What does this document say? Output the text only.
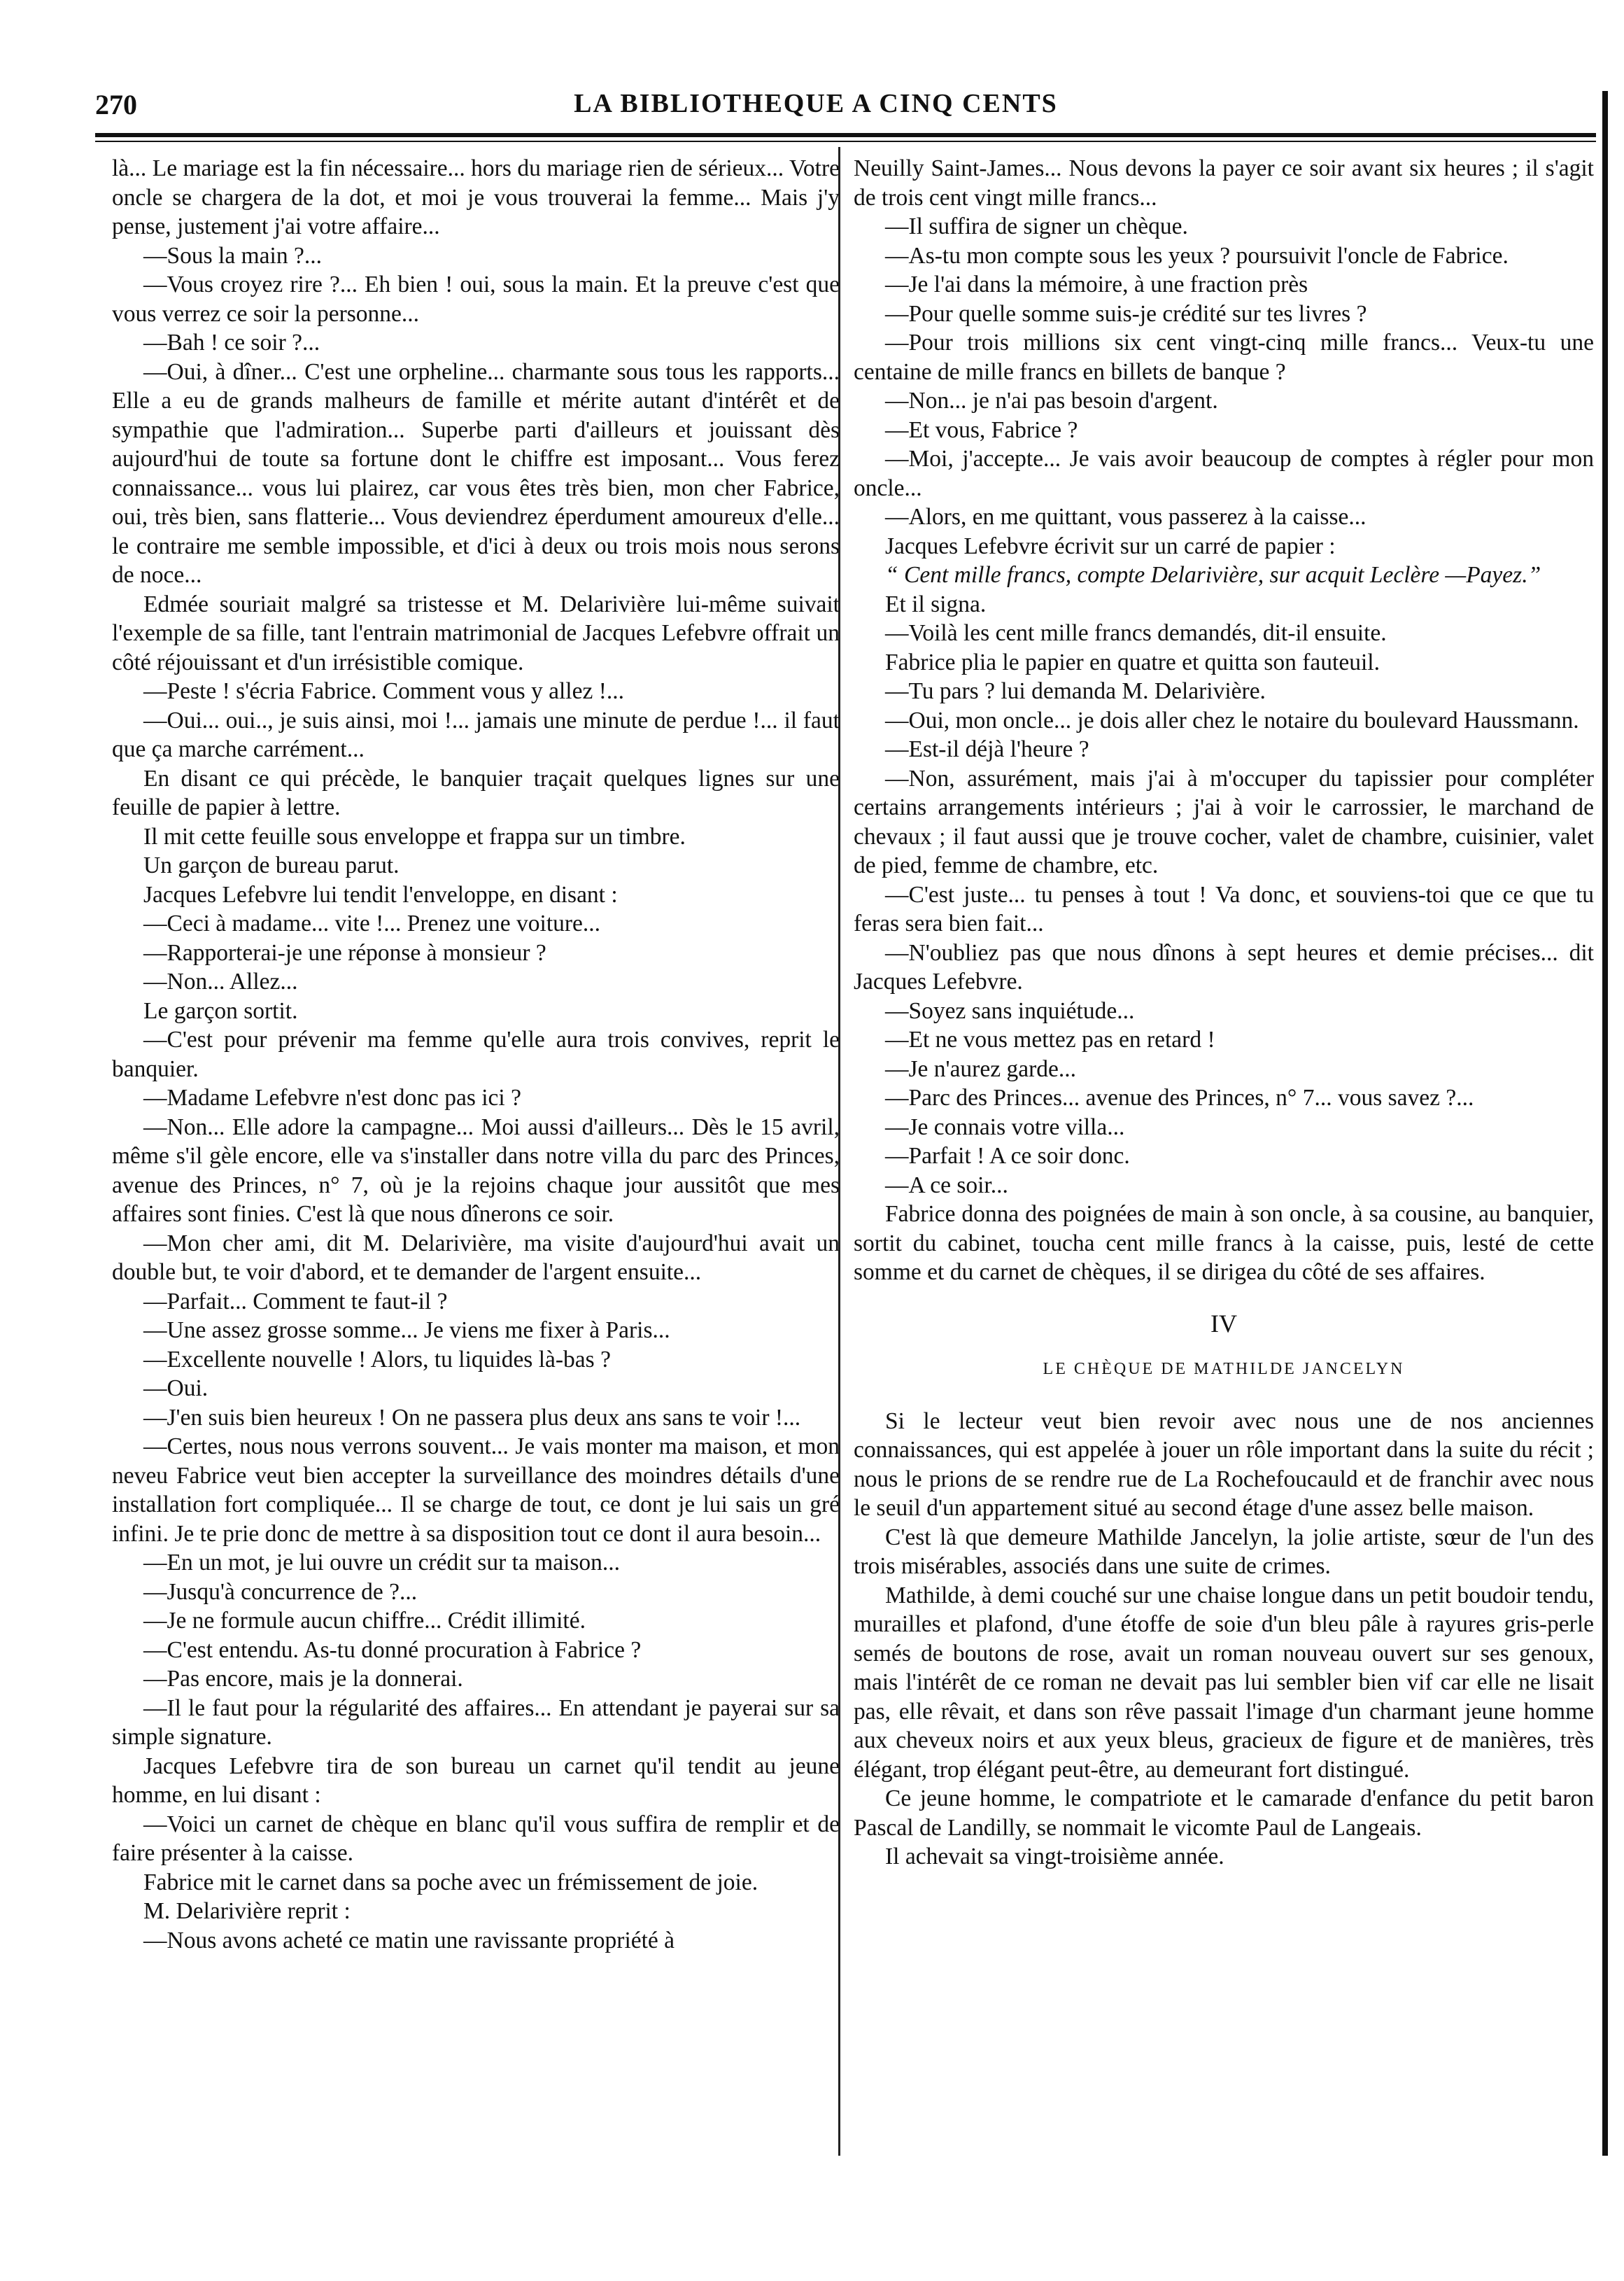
270	LA BIBLIOTHEQUE A CINQ CENTS

là... Le mariage est la fin nécessaire... hors du mariage rien de sérieux... Votre oncle se chargera de la dot, et moi je vous trouverai la femme... Mais j'y pense, justement j'ai votre affaire...

—Sous la main ?...

—Vous croyez rire ?... Eh bien ! oui, sous la main. Et la preuve c'est que vous verrez ce soir la personne...

—Bah ! ce soir ?...

—Oui, à dîner... C'est une orpheline... charmante sous tous les rapports... Elle a eu de grands malheurs de famille et mérite autant d'intérêt et de sympathie que l'admiration... Superbe parti d'ailleurs et jouissant dès aujourd'hui de toute sa fortune dont le chiffre est imposant... Vous ferez connaissance... vous lui plairez, car vous êtes très bien, mon cher Fabrice, oui, très bien, sans flatterie... Vous deviendrez éperdument amoureux d'elle... le contraire me semble impossible, et d'ici à deux ou trois mois nous serons de noce...

Edmée souriait malgré sa tristesse et M. Delarivière lui-même suivait l'exemple de sa fille, tant l'entrain matrimonial de Jacques Lefebvre offrait un côté réjouissant et d'un irrésistible comique.

—Peste ! s'écria Fabrice. Comment vous y allez !...

—Oui... oui.., je suis ainsi, moi !... jamais une minute de perdue !... il faut que ça marche carrément...

En disant ce qui précède, le banquier traçait quelques lignes sur une feuille de papier à lettre.

Il mit cette feuille sous enveloppe et frappa sur un timbre.

Un garçon de bureau parut.

Jacques Lefebvre lui tendit l'enveloppe, en disant :

—Ceci à madame... vite !... Prenez une voiture...

—Rapporterai-je une réponse à monsieur ?

—Non... Allez...

Le garçon sortit.

—C'est pour prévenir ma femme qu'elle aura trois convives, reprit le banquier.

—Madame Lefebvre n'est donc pas ici ?

—Non... Elle adore la campagne... Moi aussi d'ailleurs... Dès le 15 avril, même s'il gèle encore, elle va s'installer dans notre villa du parc des Princes, avenue des Princes, n° 7, où je la rejoins chaque jour aussitôt que mes affaires sont finies. C'est là que nous dînerons ce soir.

—Mon cher ami, dit M. Delarivière, ma visite d'aujourd'hui avait un double but, te voir d'abord, et te demander de l'argent ensuite...

—Parfait... Comment te faut-il ?

—Une assez grosse somme... Je viens me fixer à Paris...

—Excellente nouvelle ! Alors, tu liquides là-bas ?

—Oui.

—J'en suis bien heureux ! On ne passera plus deux ans sans te voir !...

—Certes, nous nous verrons souvent... Je vais monter ma maison, et mon neveu Fabrice veut bien accepter la surveillance des moindres détails d'une installation fort compliquée... Il se charge de tout, ce dont je lui sais un gré infini. Je te prie donc de mettre à sa disposition tout ce dont il aura besoin...

—En un mot, je lui ouvre un crédit sur ta maison...

—Jusqu'à concurrence de ?...

—Je ne formule aucun chiffre... Crédit illimité.

—C'est entendu. As-tu donné procuration à Fabrice ?

—Pas encore, mais je la donnerai.

—Il le faut pour la régularité des affaires... En attendant je payerai sur sa simple signature.

Jacques Lefebvre tira de son bureau un carnet qu'il tendit au jeune homme, en lui disant :

—Voici un carnet de chèque en blanc qu'il vous suffira de remplir et de faire présenter à la caisse.

Fabrice mit le carnet dans sa poche avec un frémissement de joie.

M. Delarivière reprit :

—Nous avons acheté ce matin une ravissante propriété à

Neuilly Saint-James... Nous devons la payer ce soir avant six heures ; il s'agit de trois cent vingt mille francs...

—Il suffira de signer un chèque.

—As-tu mon compte sous les yeux ? poursuivit l'oncle de Fabrice.

—Je l'ai dans la mémoire, à une fraction près

—Pour quelle somme suis-je crédité sur tes livres ?

—Pour trois millions six cent vingt-cinq mille francs... Veux-tu une centaine de mille francs en billets de banque ?

—Non... je n'ai pas besoin d'argent.

—Et vous, Fabrice ?

—Moi, j'accepte... Je vais avoir beaucoup de comptes à régler pour mon oncle...

—Alors, en me quittant, vous passerez à la caisse...

Jacques Lefebvre écrivit sur un carré de papier :

“ Cent mille francs, compte Delarivière, sur acquit Leclère —Payez.”

Et il signa.

—Voilà les cent mille francs demandés, dit-il ensuite.

Fabrice plia le papier en quatre et quitta son fauteuil.

—Tu pars ? lui demanda M. Delarivière.

—Oui, mon oncle... je dois aller chez le notaire du boulevard Haussmann.

—Est-il déjà l'heure ?

—Non, assurément, mais j'ai à m'occuper du tapissier pour compléter certains arrangements intérieurs ; j'ai à voir le carrossier, le marchand de chevaux ; il faut aussi que je trouve cocher, valet de chambre, cuisinier, valet de pied, femme de chambre, etc.

—C'est juste... tu penses à tout ! Va donc, et souviens-toi que ce que tu feras sera bien fait...

—N'oubliez pas que nous dînons à sept heures et demie précises... dit Jacques Lefebvre.

—Soyez sans inquiétude...

—Et ne vous mettez pas en retard !

—Je n'aurez garde...

—Parc des Princes... avenue des Princes, n° 7... vous savez ?...

—Je connais votre villa...

—Parfait ! A ce soir donc.

—A ce soir...

Fabrice donna des poignées de main à son oncle, à sa cousine, au banquier, sortit du cabinet, toucha cent mille francs à la caisse, puis, lesté de cette somme et du carnet de chèques, il se dirigea du côté de ses affaires.

IV
LE CHÈQUE DE MATHILDE JANCELYN

Si le lecteur veut bien revoir avec nous une de nos anciennes connaissances, qui est appelée à jouer un rôle important dans la suite du récit ; nous le prions de se rendre rue de La Rochefoucauld et de franchir avec nous le seuil d'un appartement situé au second étage d'une assez belle maison.

C'est là que demeure Mathilde Jancelyn, la jolie artiste, sœur de l'un des trois misérables, associés dans une suite de crimes.

Mathilde, à demi couché sur une chaise longue dans un petit boudoir tendu, murailles et plafond, d'une étoffe de soie d'un bleu pâle à rayures gris-perle semés de boutons de rose, avait un roman nouveau ouvert sur ses genoux, mais l'intérêt de ce roman ne devait pas lui sembler bien vif car elle ne lisait pas, elle rêvait, et dans son rêve passait l'image d'un charmant jeune homme aux cheveux noirs et aux yeux bleus, gracieux de figure et de manières, très élégant, trop élégant peut-être, au demeurant fort distingué.

Ce jeune homme, le compatriote et le camarade d'enfance du petit baron Pascal de Landilly, se nommait le vicomte Paul de Langeais.

Il achevait sa vingt-troisième année.
